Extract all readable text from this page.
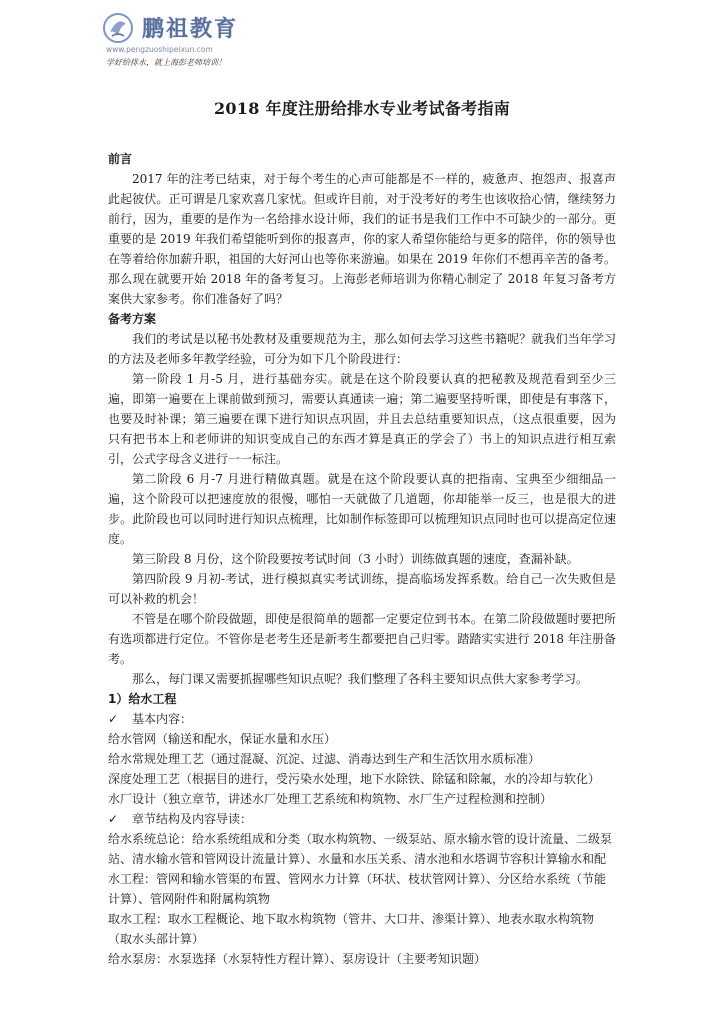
鹏祖教育
www.pengzuoshipeixun.com
学好给排水，就上海彭老师培训！
2018 年度注册给排水专业考试备考指南

前言

2017 年的注考已结束，对于每个考生的心声可能都是不一样的，疲惫声、抱怨声、报喜声此起彼伏。正可谓是几家欢喜几家忧。但或许目前，对于没考好的考生也该收拾心情，继续努力前行，因为，重要的是作为一名给排水设计师，我们的证书是我们工作中不可缺少的一部分。更重要的是 2019 年我们希望能听到你的报喜声，你的家人希望你能给与更多的陪伴，你的领导也在等着给你加薪升职，祖国的大好河山也等你来游遍。如果在 2019 年你们不想再辛苦的备考。那么现在就要开始 2018 年的备考复习。上海彭老师培训为你精心制定了 2018 年复习备考方案供大家参考。你们准备好了吗？

备考方案

我们的考试是以秘书处教材及重要规范为主，那么如何去学习这些书籍呢？就我们当年学习的方法及老师多年教学经验，可分为如下几个阶段进行：

第一阶段 1 月-5 月，进行基础夯实。就是在这个阶段要认真的把秘教及规范看到至少三遍，即第一遍要在上课前做到预习，需要认真通读一遍；第二遍要坚持听课，即使是有事落下，也要及时补课；第三遍要在课下进行知识点巩固，并且去总结重要知识点，（这点很重要，因为只有把书本上和老师讲的知识变成自己的东西才算是真正的学会了）书上的知识点进行相互索引，公式字母含义进行一一标注。

第二阶段 6 月-7 月进行精做真题。就是在这个阶段要认真的把指南、宝典至少细细品一遍，这个阶段可以把速度放的很慢，哪怕一天就做了几道题，你却能举一反三，也是很大的进步。此阶段也可以同时进行知识点梳理，比如制作标签即可以梳理知识点同时也可以提高定位速度。

第三阶段 8 月份，这个阶段要按考试时间（3 小时）训练做真题的速度，查漏补缺。

第四阶段 9 月初-考试，进行模拟真实考试训练，提高临场发挥系数。给自己一次失败但是可以补救的机会！

不管是在哪个阶段做题，即使是很简单的题都一定要定位到书本。在第二阶段做题时要把所有选项都进行定位。不管你是老考生还是新考生都要把自己归零。踏踏实实进行 2018 年注册备考。

那么，每门课又需要抓握哪些知识点呢？我们整理了各科主要知识点供大家参考学习。

1）给水工程

✓ 基本内容：

给水管网（输送和配水，保证水量和水压）

给水常规处理工艺（通过混凝、沉淀、过滤、消毒达到生产和生活饮用水质标准）

深度处理工艺（根据目的进行，受污染水处理，地下水除铁、除锰和除氟，水的冷却与软化）

水厂设计（独立章节，讲述水厂处理工艺系统和构筑物、水厂生产过程检测和控制）

✓ 章节结构及内容导读：

给水系统总论：给水系统组成和分类（取水构筑物、一级泵站、原水输水管的设计流量、二级泵站、清水输水管和管网设计流量计算）、水量和水压关系、清水池和水塔调节容积计算输水和配水工程：管网和输水管渠的布置、管网水力计算（环状、枝状管网计算）、分区给水系统（节能计算）、管网附件和附属构筑物

取水工程：取水工程概论、地下取水构筑物（管井、大口井、渗渠计算）、地表水取水构筑物（取水头部计算）

给水泵房：水泵选择（水泵特性方程计算）、泵房设计（主要考知识题）
